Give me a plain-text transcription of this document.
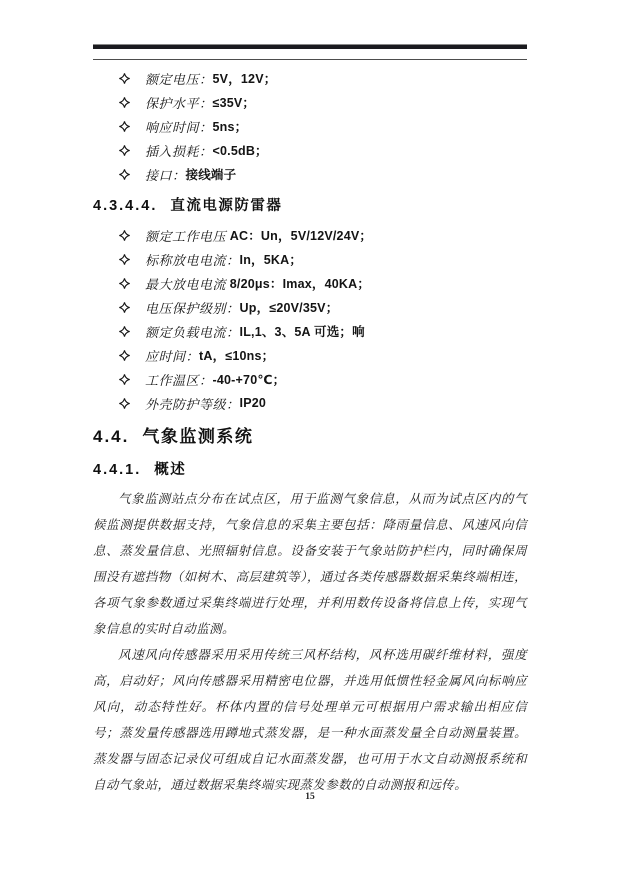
额定电压： 5V，12V；
保护水平： ≤35V；
响应时间： 5ns；
插入损耗： <0.5dB；
接口： 接线端子
4.3.4.4. 直流电源防雷器
额定工作电压 AC：Un，5V/12V/24V；
标称放电电流： In，5KA；
最大放电电流 8/20μs：Imax，40KA；
电压保护级别： Up，≤20V/35V；
额定负载电流： IL,1、3、5A 可选；响
应时间： tA，≤10ns；
工作温区： -40-+70℃；
外壳防护等级： IP20
4.4. 气象监测系统
4.4.1. 概述

气象监测站点分布在试点区，用于监测气象信息，从而为试点区内的气候监测提供数据支持，气象信息的采集主要包括：降雨量信息、风速风向信息、蒸发量信息、光照辐射信息。设备安装于气象站防护栏内，同时确保周围没有遮挡物（如树木、高层建筑等），通过各类传感器数据采集终端相连，各项气象参数通过采集终端进行处理，并利用数传设备将信息上传，实现气象信息的实时自动监测。

风速风向传感器采用采用传统三风杯结构，风杯选用碳纤维材料，强度高，启动好；风向传感器采用精密电位器，并选用低惯性轻金属风向标响应风向，动态特性好。杯体内置的信号处理单元可根据用户需求输出相应信号；蒸发量传感器选用蹲地式蒸发器，是一种水面蒸发量全自动测量装置。蒸发器与固态记录仪可组成自记水面蒸发器，也可用于水文自动测报系统和自动气象站，通过数据采集终端实现蒸发参数的自动测报和远传。

15
